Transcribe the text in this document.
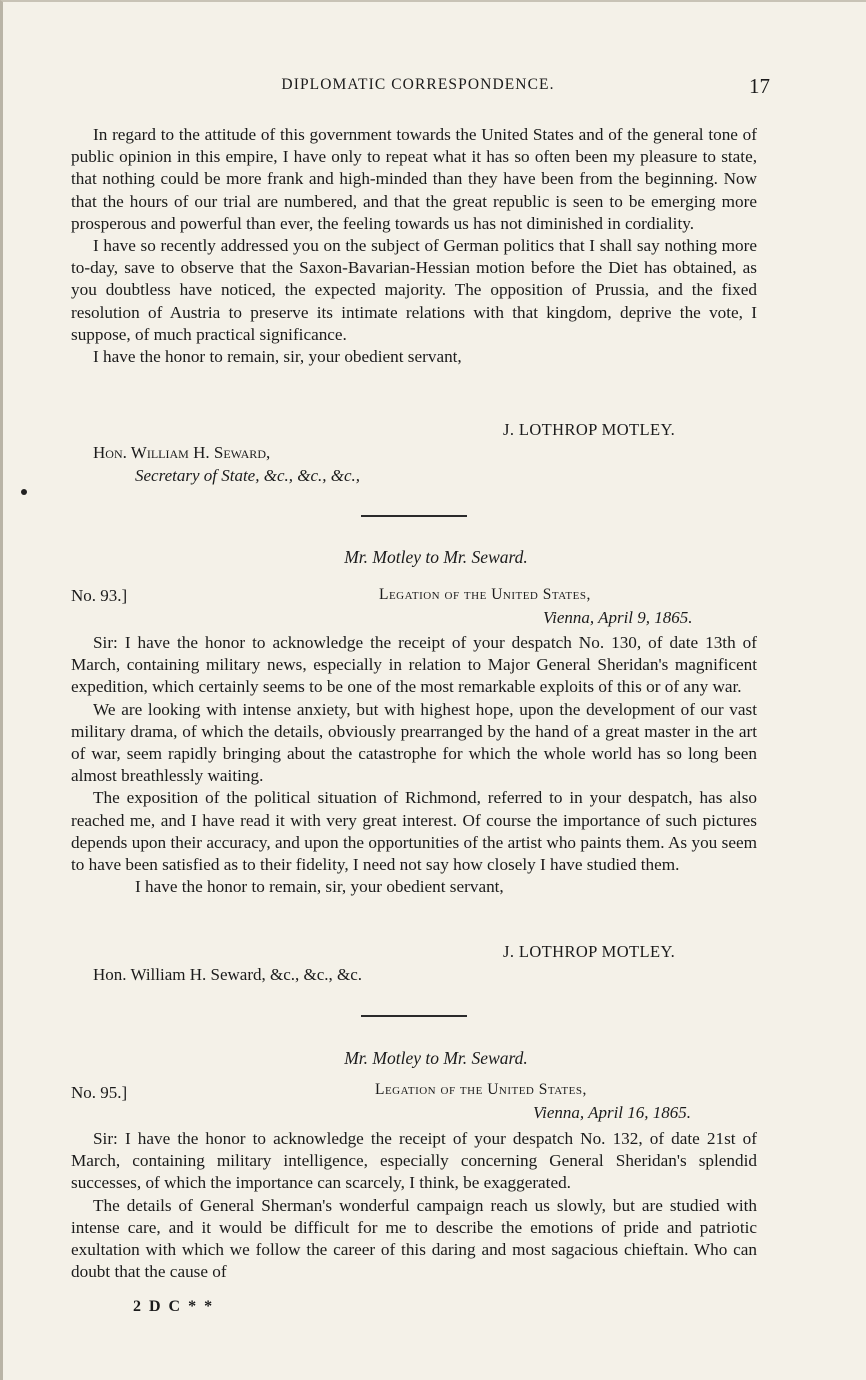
DIPLOMATIC CORRESPONDENCE.	17

In regard to the attitude of this government towards the United States and of the general tone of public opinion in this empire, I have only to repeat what it has so often been my pleasure to state, that nothing could be more frank and high-minded than they have been from the beginning. Now that the hours of our trial are numbered, and that the great republic is seen to be emerging more prosperous and powerful than ever, the feeling towards us has not diminished in cordiality.

I have so recently addressed you on the subject of German politics that I shall say nothing more to-day, save to observe that the Saxon-Bavarian-Hessian motion before the Diet has obtained, as you doubtless have noticed, the expected majority. The opposition of Prussia, and the fixed resolution of Austria to preserve its intimate relations with that kingdom, deprive the vote, I suppose, of much practical significance.

I have the honor to remain, sir, your obedient servant,

J. LOTHROP MOTLEY.
Hon. William H. Seward,
Secretary of State, &c., &c., &c.,
Mr. Motley to Mr. Seward.
No. 93.]	Legation of the United States,
Vienna, April 9, 1865.

Sir: I have the honor to acknowledge the receipt of your despatch No. 130, of date 13th of March, containing military news, especially in relation to Major General Sheridan's magnificent expedition, which certainly seems to be one of the most remarkable exploits of this or of any war.

We are looking with intense anxiety, but with highest hope, upon the development of our vast military drama, of which the details, obviously prearranged by the hand of a great master in the art of war, seem rapidly bringing about the catastrophe for which the whole world has so long been almost breathlessly waiting.

The exposition of the political situation of Richmond, referred to in your despatch, has also reached me, and I have read it with very great interest. Of course the importance of such pictures depends upon their accuracy, and upon the opportunities of the artist who paints them. As you seem to have been satisfied as to their fidelity, I need not say how closely I have studied them.

I have the honor to remain, sir, your obedient servant,

J. LOTHROP MOTLEY.
Hon. William H. Seward, &c., &c., &c.
Mr. Motley to Mr. Seward.
No. 95.]	Legation of the United States,
Vienna, April 16, 1865.

Sir: I have the honor to acknowledge the receipt of your despatch No. 132, of date 21st of March, containing military intelligence, especially concerning General Sheridan's splendid successes, of which the importance can scarcely, I think, be exaggerated.

The details of General Sherman's wonderful campaign reach us slowly, but are studied with intense care, and it would be difficult for me to describe the emotions of pride and patriotic exultation with which we follow the career of this daring and most sagacious chieftain. Who can doubt that the cause of

2 D C * *
